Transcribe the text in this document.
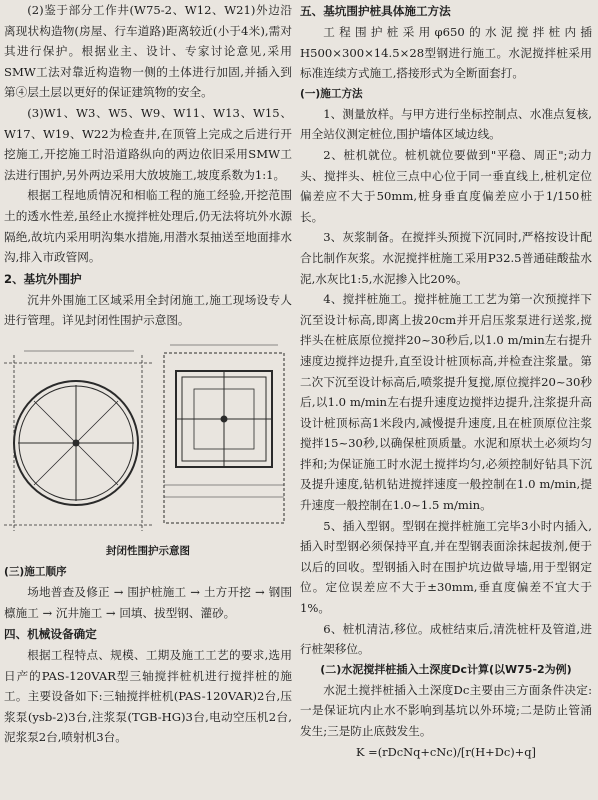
(2)鉴于部分工作井(W75-2、W12、W21)外边沿离现状构造物(房屋、行车道路)距离较近(小于4米),需对其进行保护。根据业主、设计、专家讨论意见,采用SMW工法对靠近构造物一侧的土体进行加固,并插入到第④层土层以更好的保证建筑物的安全。

(3)W1、W3、W5、W9、W11、W13、W15、W17、W19、W22为检查井,在顶管上完成之后进行开挖施工,开挖施工时沿道路纵向的两边依旧采用SMW工法进行围护,另外两边采用大放坡施工,坡度系数为1:1。

根据工程地质情况和相临工程的施工经验,开挖范围土的透水性差,虽经止水搅拌桩处理后,仍无法将坑外水源隔绝,故坑内采用明沟集水措施,用潜水泵抽送至地面排水沟,排入市政管网。

2、基坑外围护

沉井外围施工区域采用全封闭施工,施工现场设专人进行管理。详见封闭性围护示意图。

封闭性围护示意图

(三)施工顺序

场地普查及修正 → 围护桩施工 → 土方开挖 → 钢围檩施工 → 沉井施工 → 回填、拔型钢、灌砂。

四、机械设备确定

根据工程特点、规模、工期及施工工艺的要求,选用日产的PAS-120VAR型三轴搅拌桩机进行搅拌桩的施工。主要设备如下:三轴搅拌桩机(PAS-120VAR)2台,压浆泵(ysb-2)3台,注浆泵(TGB-HG)3台,电动空压机2台,泥浆泵2台,喷射机3台。

五、基坑围护桩具体施工方法

工程围护桩采用φ650的水泥搅拌桩内插H500×300×14.5×28型钢进行施工。水泥搅拌桩采用标准连续方式施工,搭接形式为全断面套打。

(一)施工方法

1、测量放样。与甲方进行坐标控制点、水准点复核,用全站仪测定桩位,围护墙体区域边线。

2、桩机就位。桩机就位要做到"平稳、周正";动力头、搅拌头、桩位三点中心位于同一垂直线上,桩机定位偏差应不大于50mm,桩身垂直度偏差应小于1/150桩长。

3、灰浆制备。在搅拌头预搅下沉同时,严格按设计配合比制作灰浆。水泥搅拌桩施工采用P32.5普通硅酸盐水泥,水灰比1:5,水泥掺入比20%。

4、搅拌桩施工。搅拌桩施工工艺为第一次预搅拌下沉至设计标高,即离上拔20cm并开启压浆泵进行送浆,搅拌头在桩底原位搅拌20~30秒后,以1.0 m/min左右提升速度边搅拌边提升,直至设计桩顶标高,并检查注浆量。第二次下沉至设计标高后,喷浆提升复搅,原位搅拌20~30秒后,以1.0 m/min左右提升速度边搅拌边提升,注浆提升高设计桩顶标高1米段内,减慢提升速度,且在桩顶原位注浆搅拌15~30秒,以确保桩顶质量。水泥和原状土必须均匀拌和;为保证施工时水泥土搅拌均匀,必须控制好钻具下沉及提升速度,钻机钻进搅拌速度一般控制在1.0 m/min,提升速度一般控制在1.0~1.5 m/min。

5、插入型钢。型钢在搅拌桩施工完毕3小时内插入,插入时型钢必须保持平直,并在型钢表面涂抹起拔剂,便于以后的回收。型钢插入时在围护坑边做导墙,用于型钢定位。定位误差应不大于±30mm,垂直度偏差不宜大于1%。

6、桩机清洁,移位。成桩结束后,清洗桩杆及管道,进行桩架移位。

(二)水泥搅拌桩插入土深度Dc计算(以W75-2为例)

水泥土搅拌桩插入土深度Dc主要由三方面条件决定:一是保证坑内止水不影响到基坑以外环境;二是防止管涌发生;三是防止底鼓发生。

K =(rDcNq+cNc)/[r(H+Dc)+q]
